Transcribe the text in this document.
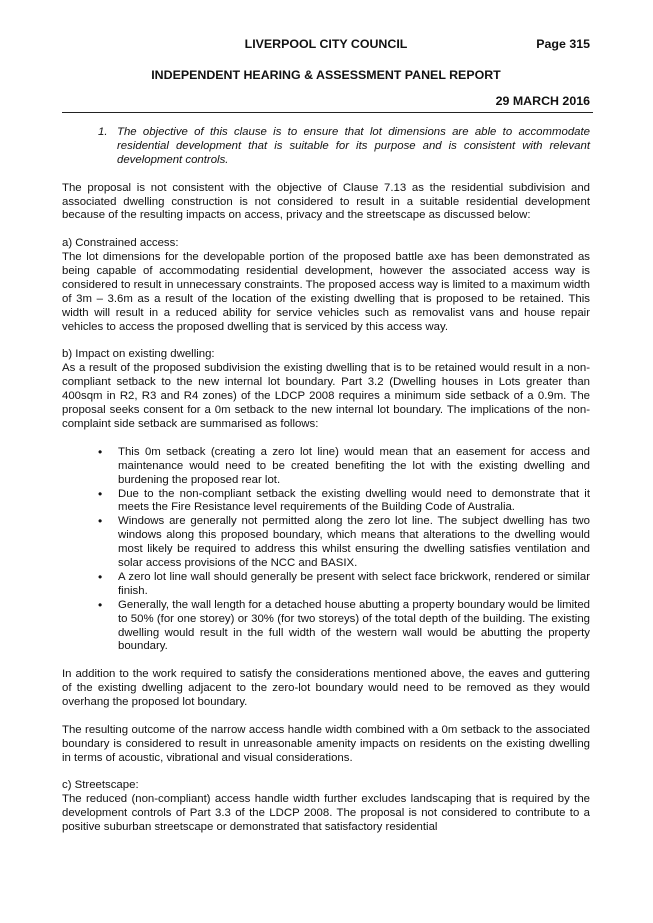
LIVERPOOL CITY COUNCIL	Page 315
INDEPENDENT HEARING & ASSESSMENT PANEL REPORT
29 MARCH 2016
1. The objective of this clause is to ensure that lot dimensions are able to accommodate residential development that is suitable for its purpose and is consistent with relevant development controls.

The proposal is not consistent with the objective of Clause 7.13 as the residential subdivision and associated dwelling construction is not considered to result in a suitable residential development because of the resulting impacts on access, privacy and the streetscape as discussed below:

a) Constrained access:

The lot dimensions for the developable portion of the proposed battle axe has been demonstrated as being capable of accommodating residential development, however the associated access way is considered to result in unnecessary constraints. The proposed access way is limited to a maximum width of 3m – 3.6m as a result of the location of the existing dwelling that is proposed to be retained. This width will result in a reduced ability for service vehicles such as removalist vans and house repair vehicles to access the proposed dwelling that is serviced by this access way.

b) Impact on existing dwelling:

As a result of the proposed subdivision the existing dwelling that is to be retained would result in a non-compliant setback to the new internal lot boundary. Part 3.2 (Dwelling houses in Lots greater than 400sqm in R2, R3 and R4 zones) of the LDCP 2008 requires a minimum side setback of a 0.9m. The proposal seeks consent for a 0m setback to the new internal lot boundary. The implications of the non-complaint side setback are summarised as follows:

•	This 0m setback (creating a zero lot line) would mean that an easement for access and maintenance would need to be created benefiting the lot with the existing dwelling and burdening the proposed rear lot.
•	Due to the non-compliant setback the existing dwelling would need to demonstrate that it meets the Fire Resistance level requirements of the Building Code of Australia.
•	Windows are generally not permitted along the zero lot line. The subject dwelling has two windows along this proposed boundary, which means that alterations to the dwelling would most likely be required to address this whilst ensuring the dwelling satisfies ventilation and solar access provisions of the NCC and BASIX.
•	A zero lot line wall should generally be present with select face brickwork, rendered or similar finish.
•	Generally, the wall length for a detached house abutting a property boundary would be limited to 50% (for one storey) or 30% (for two storeys) of the total depth of the building. The existing dwelling would result in the full width of the western wall would be abutting the property boundary.

In addition to the work required to satisfy the considerations mentioned above, the eaves and guttering of the existing dwelling adjacent to the zero-lot boundary would need to be removed as they would overhang the proposed lot boundary.

The resulting outcome of the narrow access handle width combined with a 0m setback to the associated boundary is considered to result in unreasonable amenity impacts on residents on the existing dwelling in terms of acoustic, vibrational and visual considerations.

c) Streetscape:

The reduced (non-compliant) access handle width further excludes landscaping that is required by the development controls of Part 3.3 of the LDCP 2008. The proposal is not considered to contribute to a positive suburban streetscape or demonstrated that satisfactory residential
